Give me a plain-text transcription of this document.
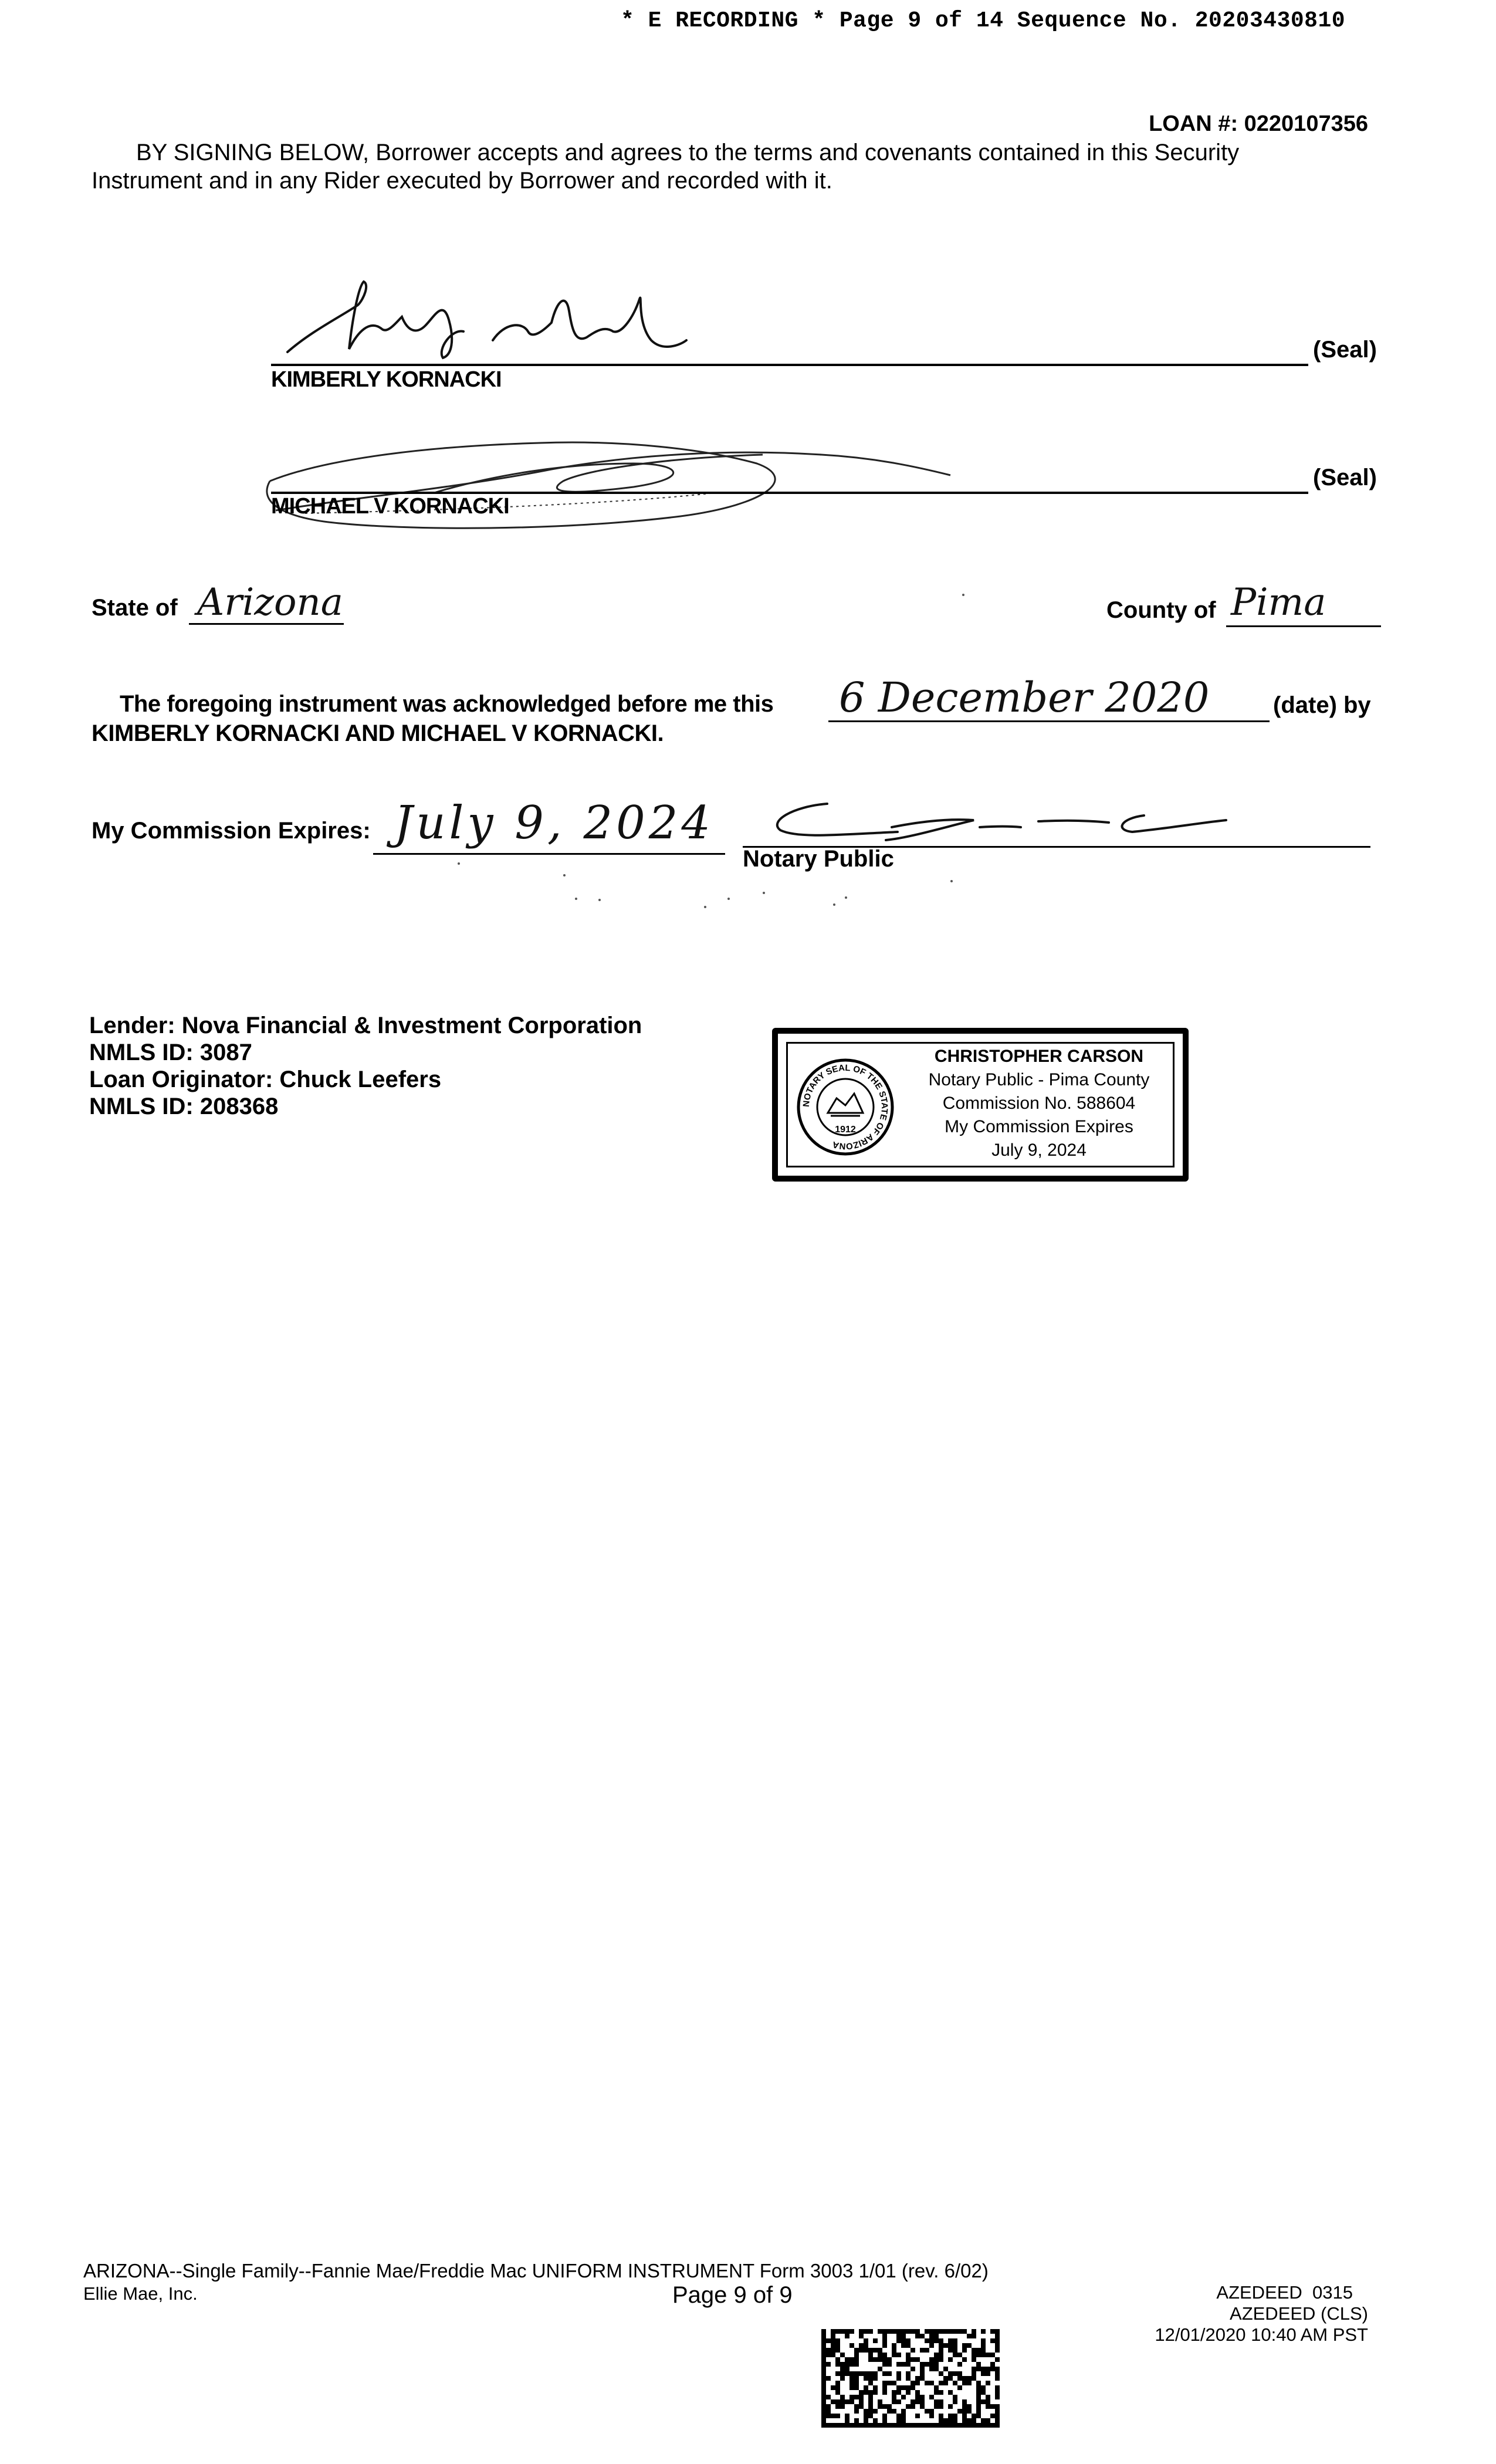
* E RECORDING * Page 9 of 14 Sequence No. 20203430810
LOAN #: 0220107356
BY SIGNING BELOW, Borrower accepts and agrees to the terms and covenants contained in this Security
Instrument and in any Rider executed by Borrower and recorded with it.
KIMBERLY KORNACKI
(Seal)
MICHAEL V KORNACKI
(Seal)
State of Arizona	County of Pima
The foregoing instrument was acknowledged before me this 6 December 2020	(date) by
KIMBERLY KORNACKI AND MICHAEL V KORNACKI.
My Commission Expires: July 9, 2024
Notary Public
Lender: Nova Financial & Investment Corporation
NMLS ID: 3087
Loan Originator: Chuck Leefers
NMLS ID: 208368	NOTARY SEAL OF THE STATE OF ARIZONA
1912
CHRISTOPHER CARSON
Notary Public - Pima County
Commission No. 588604
My Commission Expires
July 9, 2024
ARIZONA--Single Family--Fannie Mae/Freddie Mac UNIFORM INSTRUMENT Form 3003 1/01 (rev. 6/02)
Ellie Mae, Inc.	Page 9 of 9	AZEDEED  0315
AZEDEED (CLS)
12/01/2020 10:40 AM PST
